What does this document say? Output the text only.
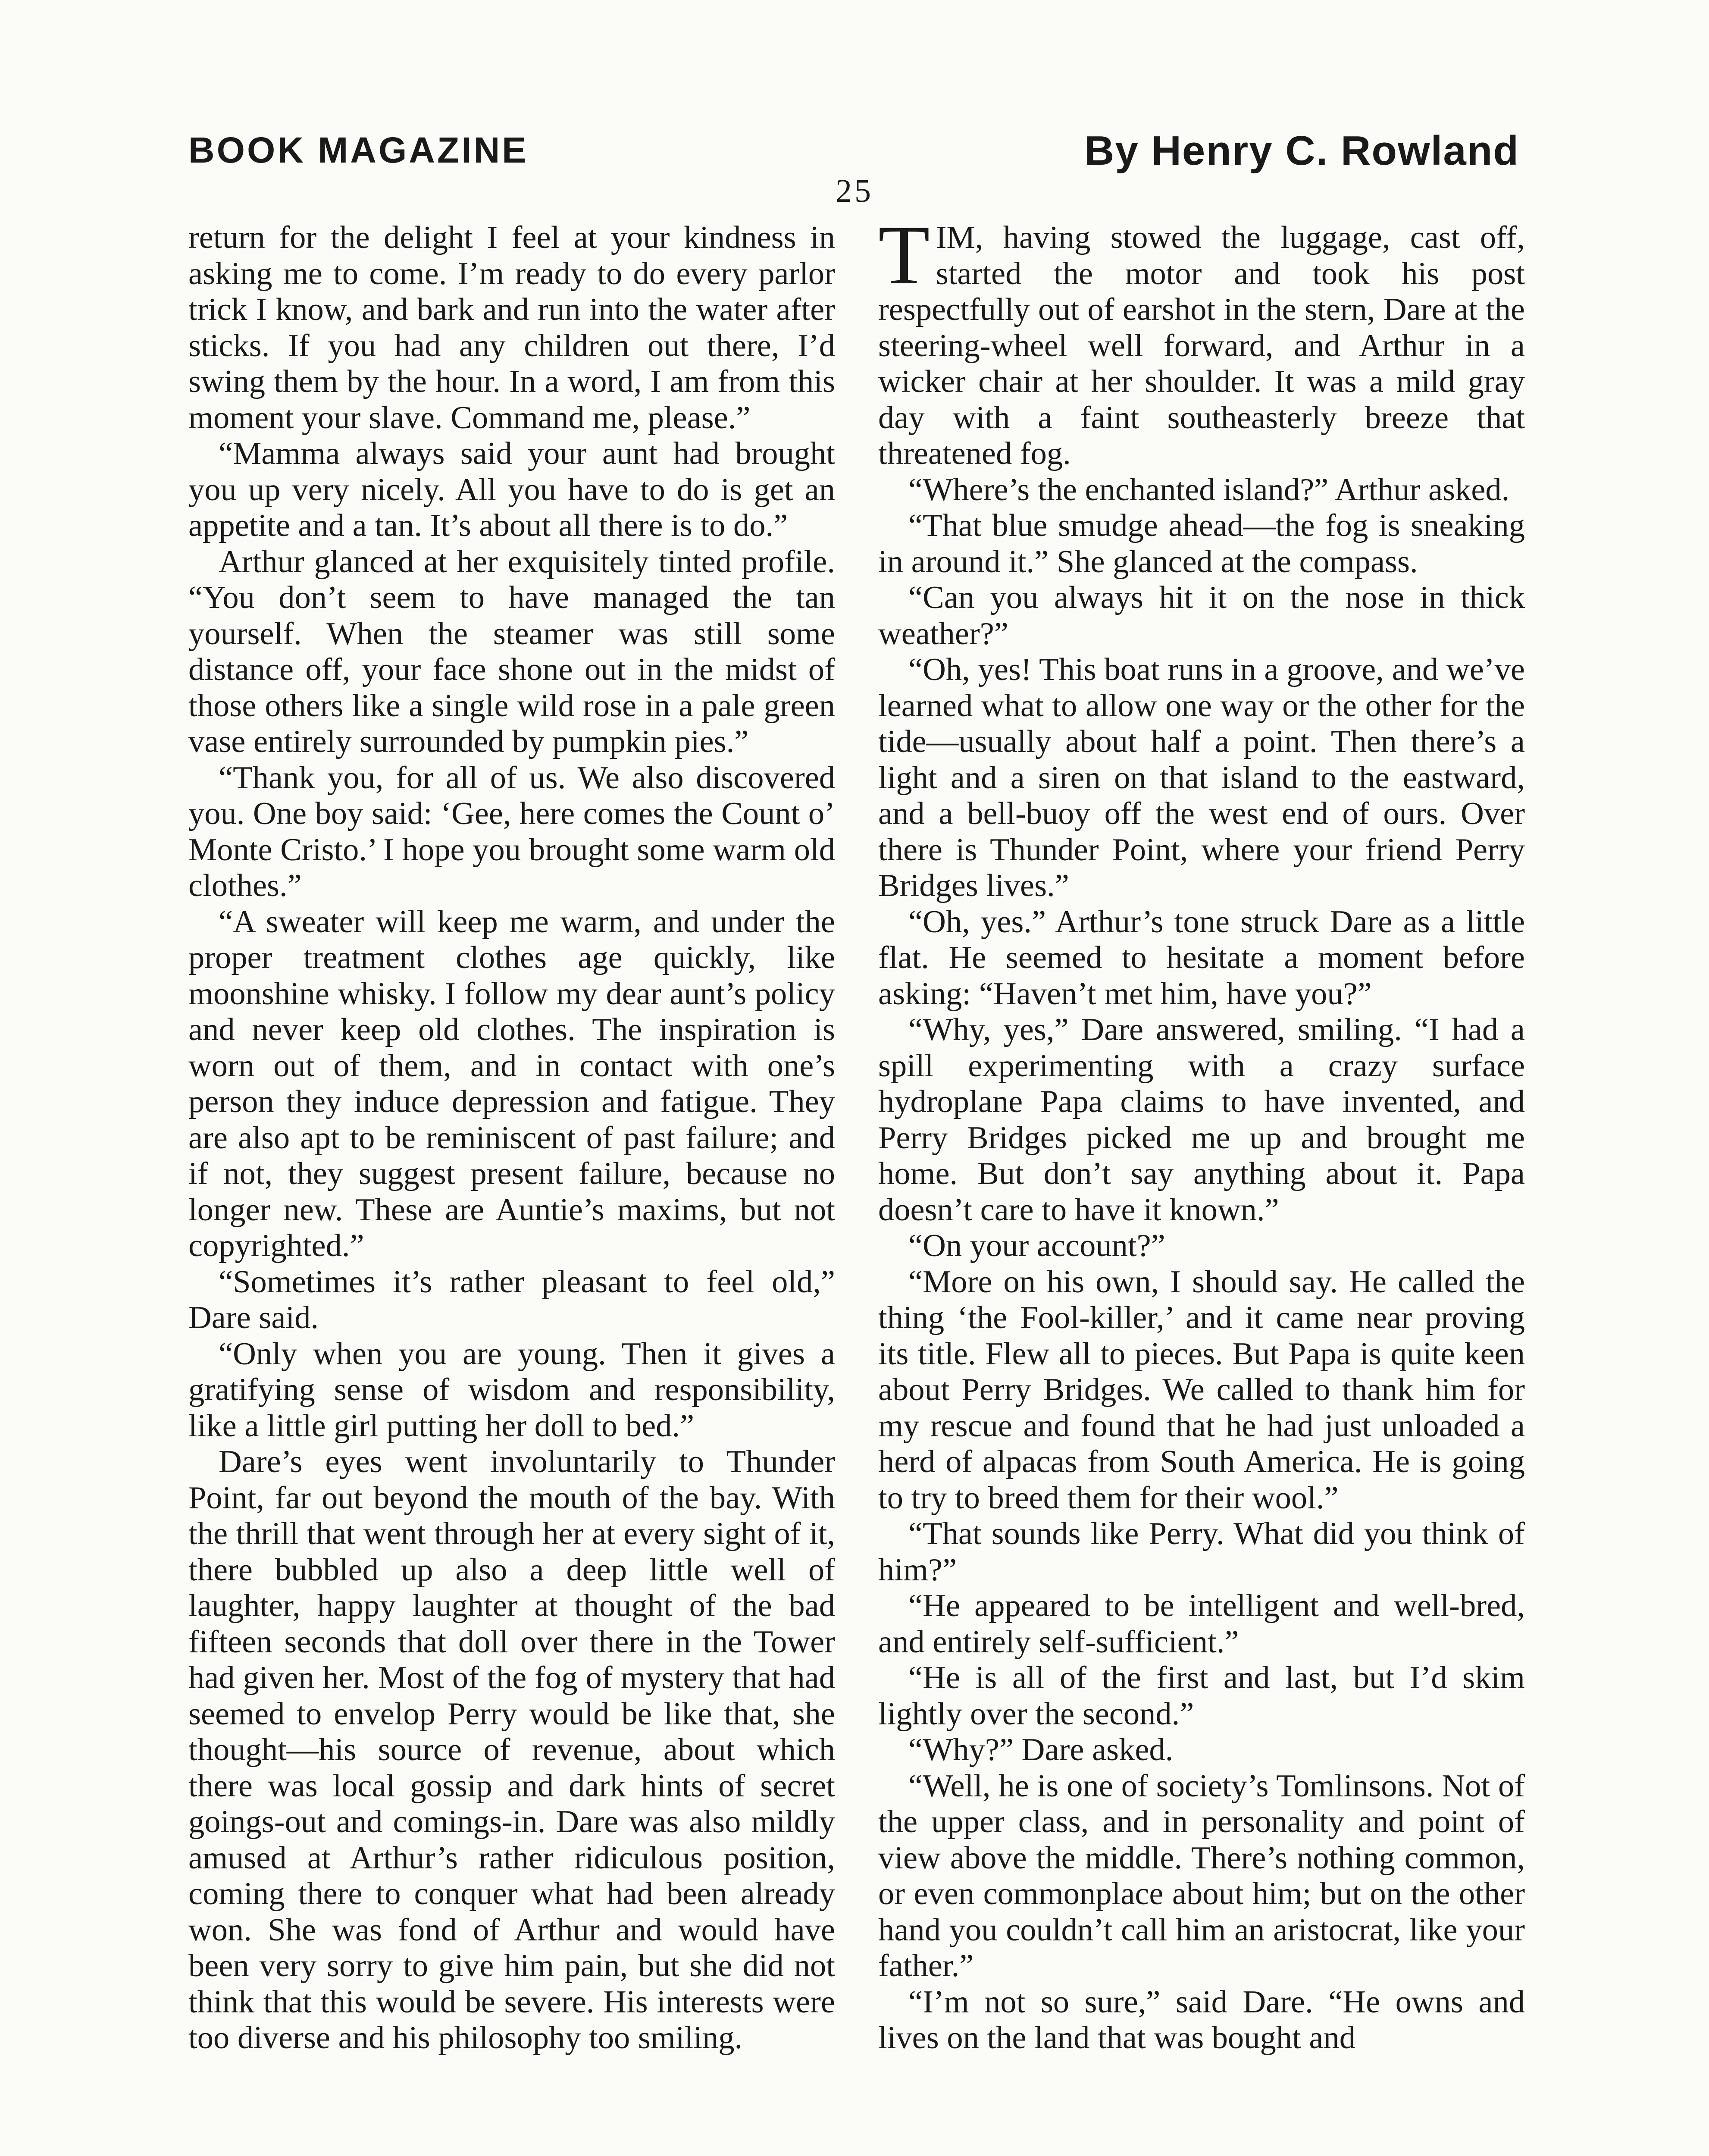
BOOK MAGAZINE	By Henry C. Rowland
25

return for the delight I feel at your kindness in asking me to come. I’m ready to do every parlor trick I know, and bark and run into the water after sticks. If you had any children out there, I’d swing them by the hour. In a word, I am from this moment your slave. Command me, please.”

“Mamma always said your aunt had brought you up very nicely. All you have to do is get an appetite and a tan. It’s about all there is to do.”

Arthur glanced at her exquisitely tinted profile. “You don’t seem to have managed the tan yourself. When the steamer was still some distance off, your face shone out in the midst of those others like a single wild rose in a pale green vase entirely surrounded by pumpkin pies.”

“Thank you, for all of us. We also discovered you. One boy said: ‘Gee, here comes the Count o’ Monte Cristo.’ I hope you brought some warm old clothes.”

“A sweater will keep me warm, and under the proper treatment clothes age quickly, like moonshine whisky. I follow my dear aunt’s policy and never keep old clothes. The inspiration is worn out of them, and in contact with one’s person they induce depression and fatigue. They are also apt to be reminiscent of past failure; and if not, they suggest present failure, because no longer new. These are Auntie’s maxims, but not copyrighted.”

“Sometimes it’s rather pleasant to feel old,” Dare said.

“Only when you are young. Then it gives a gratifying sense of wisdom and responsibility, like a little girl putting her doll to bed.”

Dare’s eyes went involuntarily to Thunder Point, far out beyond the mouth of the bay. With the thrill that went through her at every sight of it, there bubbled up also a deep little well of laughter, happy laughter at thought of the bad fifteen seconds that doll over there in the Tower had given her. Most of the fog of mystery that had seemed to envelop Perry would be like that, she thought—his source of revenue, about which there was local gossip and dark hints of secret goings-out and comings-in. Dare was also mildly amused at Arthur’s rather ridiculous position, coming there to conquer what had been already won. She was fond of Arthur and would have been very sorry to give him pain, but she did not think that this would be severe. His interests were too diverse and his philosophy too smiling.

TIM, having stowed the luggage, cast off, started the motor and took his post respectfully out of earshot in the stern, Dare at the steering-wheel well forward, and Arthur in a wicker chair at her shoulder. It was a mild gray day with a faint southeasterly breeze that threatened fog.

“Where’s the enchanted island?” Arthur asked.

“That blue smudge ahead—the fog is sneaking in around it.” She glanced at the compass.

“Can you always hit it on the nose in thick weather?”

“Oh, yes! This boat runs in a groove, and we’ve learned what to allow one way or the other for the tide—usually about half a point. Then there’s a light and a siren on that island to the eastward, and a bell-buoy off the west end of ours. Over there is Thunder Point, where your friend Perry Bridges lives.”

“Oh, yes.” Arthur’s tone struck Dare as a little flat. He seemed to hesitate a moment before asking: “Haven’t met him, have you?”

“Why, yes,” Dare answered, smiling. “I had a spill experimenting with a crazy surface hydroplane Papa claims to have invented, and Perry Bridges picked me up and brought me home. But don’t say anything about it. Papa doesn’t care to have it known.”

“On your account?”

“More on his own, I should say. He called the thing ‘the Fool-killer,’ and it came near proving its title. Flew all to pieces. But Papa is quite keen about Perry Bridges. We called to thank him for my rescue and found that he had just unloaded a herd of alpacas from South America. He is going to try to breed them for their wool.”

“That sounds like Perry. What did you think of him?”

“He appeared to be intelligent and well-bred, and entirely self-sufficient.”

“He is all of the first and last, but I’d skim lightly over the second.”

“Why?” Dare asked.

“Well, he is one of society’s Tomlinsons. Not of the upper class, and in personality and point of view above the middle. There’s nothing common, or even commonplace about him; but on the other hand you couldn’t call him an aristocrat, like your father.”

“I’m not so sure,” said Dare. “He owns and lives on the land that was bought and
